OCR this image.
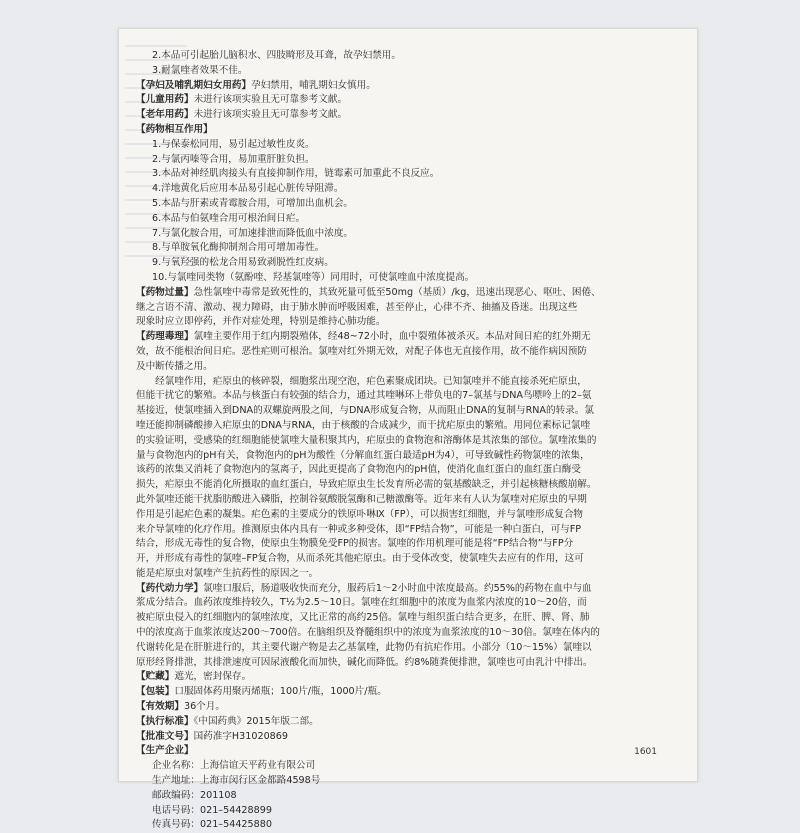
2.本品可引起胎儿脑积水、四肢畸形及耳聋，故孕妇禁用。
3.耐氯喹者效果不佳。
【孕妇及哺乳期妇女用药】孕妇禁用，哺乳期妇女慎用。
【儿童用药】未进行该项实验且无可靠参考文献。
【老年用药】未进行该项实验且无可靠参考文献。
【药物相互作用】
1.与保泰松同用，易引起过敏性皮炎。
2.与氯丙嗪等合用，易加重肝脏负担。
3.本品对神经肌肉接头有直接抑制作用，链霉素可加重此不良反应。
4.洋地黄化后应用本品易引起心脏传导阻滞。
5.本品与肝素或青霉胺合用，可增加出血机会。
6.本品与伯氨喹合用可根治间日疟。
7.与氯化胺合用，可加速排泄而降低血中浓度。
8.与单胺氧化酶抑制剂合用可增加毒性。
9.与氧羟强的松龙合用易致剥脱性红皮病。
10.与氯喹同类物（氨酚喹、羟基氯喹等）同用时，可使氯喹血中浓度提高。
【药物过量】急性氯喹中毒常是致死性的，其致死量可低至50mg（基质）/kg，迅速出现恶心、呕吐、困倦、
继之言语不清、激动、视力障碍，由于肺水肿而呼吸困难，甚至停止，心律不齐、抽搐及昏迷。出现这些
现象时应立即停药，并作对症处理，特别是维持心肺功能。
【药理毒理】氯喹主要作用于红内期裂殖体，经48~72小时，血中裂殖体被杀灭。本品对间日疟的红外期无
效，故不能根治间日疟。恶性疟则可根治。氯喹对红外期无效，对配子体也无直接作用，故不能作病因预防
及中断传播之用。
　　经氯喹作用，疟原虫的核碎裂，细胞浆出现空泡，疟色素聚成团块。已知氯喹并不能直接杀死疟原虫，
但能干扰它的繁殖。本品与核蛋白有较强的结合力，通过其喹啉环上带负电的7–氯基与DNA鸟嘌呤上的2–氨
基接近，使氯喹插入到DNA的双螺旋两股之间，与DNA形成复合物，从而阻止DNA的复制与RNA的转录。氯
喹还能抑制磷酸掺入疟原虫的DNA与RNA，由于核酸的合成减少，而干扰疟原虫的繁殖。用同位素标记氯喹
的实验证明，受感染的红细胞能使氯喹大量积聚其内，疟原虫的食物泡和溶酶体是其浓集的部位。氯喹浓集的
量与食物泡内的pH有关，食物泡内的pH为酸性（分解血红蛋白最适pH为4），可导致碱性药物氯喹的浓集，
该药的浓集又消耗了食物泡内的氢离子，因此更提高了食物泡内的pH值，使消化血红蛋白的血红蛋白酶受
损失，疟原虫不能消化所摄取的血红蛋白，导致疟原虫生长发育所必需的氨基酸缺乏，并引起核糖核酸崩解。
此外氯喹还能干扰脂肪酸进入磷脂，控制谷氨酸脱氢酶和己糖激酶等。近年来有人认为氯喹对疟原虫的早期
作用是引起疟色素的凝集。疟色素的主要成分的铁原卟啉Ⅸ（FP），可以损害红细胞，并与氯喹形成复合物
来介导氯喹的化疗作用。推测原虫体内具有一种或多种受体，即“FP结合物”，可能是一种白蛋白，可与FP
结合，形成无毒性的复合物，使原虫生物膜免受FP的损害。氯喹的作用机理可能是将“FP结合物”与FP分
开，并形成有毒性的氯喹–FP复合物，从而杀死其他疟原虫。由于受体改变，使氯喹失去应有的作用，这可
能是疟原虫对氯喹产生抗药性的原因之一。
【药代动力学】氯喹口服后，肠道吸收快而充分，服药后1～2小时血中浓度最高。约55%的药物在血中与血
浆成分结合。血药浓度维持较久，T½为2.5～10日。氯喹在红细胞中的浓度为血浆内浓度的10～20倍，而
被疟原虫侵入的红细胞内的氯喹浓度，又比正常的高约25倍。氯喹与组织蛋白结合更多，在肝、脾、肾、肺
中的浓度高于血浆浓度达200～700倍。在脑组织及脊髓组织中的浓度为血浆浓度的10～30倍。氯喹在体内的
代谢转化是在肝脏进行的，其主要代谢产物是去乙基氯喹，此物仍有抗疟作用。小部分（10～15%）氯喹以
原形经肾排泄，其排泄速度可因尿液酸化而加快，碱化而降低。约8%随粪便排泄，氯喹也可由乳汁中排出。
【贮藏】遮光，密封保存。
【包装】口服固体药用聚丙烯瓶；100片/瓶，1000片/瓶。
【有效期】36个月。
【执行标准】《中国药典》2015年版二部。
【批准文号】国药准字H31020869
【生产企业】
企业名称：上海信谊天平药业有限公司
生产地址：上海市闵行区金都路4598号
邮政编码：201108
电话号码：021–54428899
传真号码：021–54425880
1601
